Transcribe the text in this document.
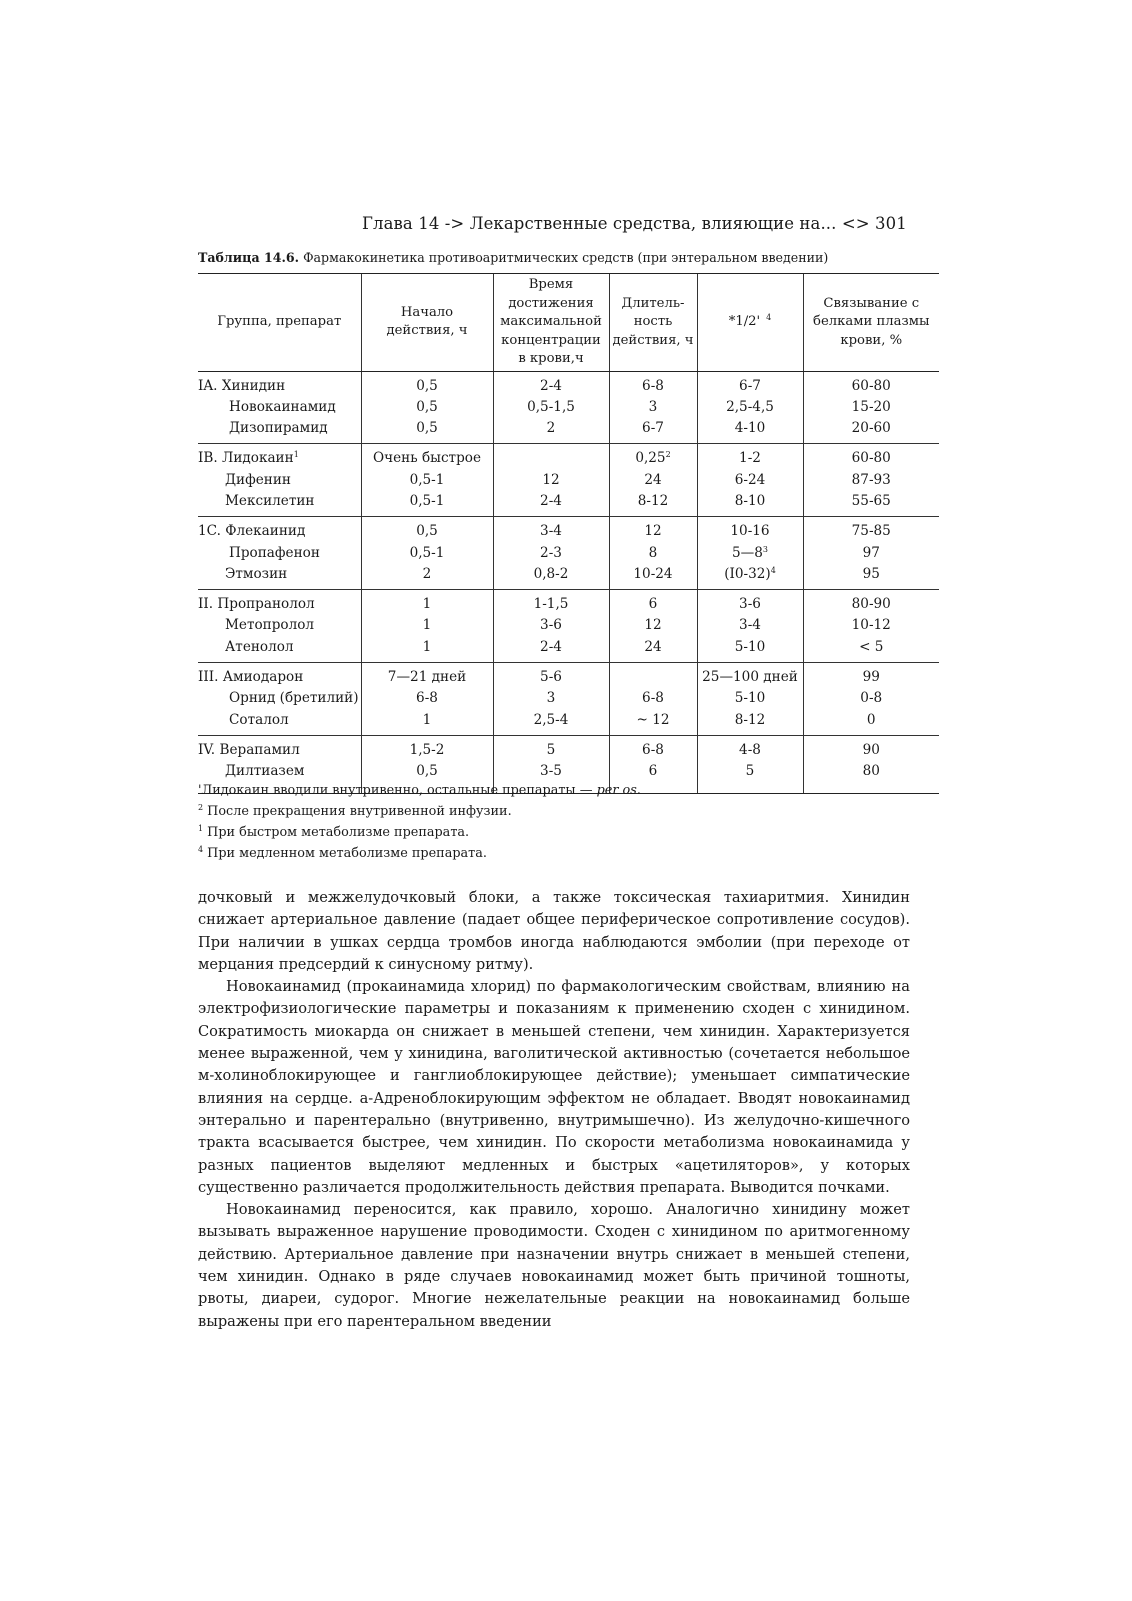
Глава 14 -> Лекарственные средства, влияющие на... <> 301
Таблица 14.6. Фармакокинетика противоаритмических средств (при энтеральном введении)
Группа, препарат	Начало действия, ч	Время достижения максимальной концентрации в крови,ч	Длитель-ность действия, ч	*1/2' $^4$	Связывание с белками плазмы крови, %
IA. Хинидин	0,5	2-4	6-8	6-7	60-80
Новокаинамид	0,5	0,5-1,5	3	2,5-4,5	15-20
Дизопирамид	0,5	2	6-7	4-10	20-60
IB. Лидокаин$^1$	Очень быстрое		0,25$^2$	1-2	60-80
Дифенин	0,5-1	12	24	6-24	87-93
Мексилетин	0,5-1	2-4	8-12	8-10	55-65
1C. Флекаинид	0,5	3-4	12	10-16	75-85
Пропафенон	0,5-1	2-3	8	$5—8^3$	97
Этмозин	2	0,8-2	10-24	$(I0-32)^4$	95
II. Пропранолол	1	1-1,5	6	3-6	80-90
Метопролол	1	3-6	12	3-4	10-12
Атенолол	1	2-4	24	5-10	< 5
III. Амиодарон	7—21 дней	5-6		25—100 дней	99
Орнид (бретилий)	6-8	3	6-8	5-10	0-8
Соталол	1	2,5-4	~ 12	8-12	0
IV. Верапамил	1,5-2	5	6-8	4-8	90
Дилтиазем	0,5	3-5	6	5	80
'Лидокаин вводили внутривенно, остальные препараты — per os.
$^2$ После прекращения внутривенной инфузии.
$^1$ При быстром метаболизме препарата.
$^4$ При медленном метаболизме препарата.

дочковый и межжелудочковый блоки, а также токсическая тахиаритмия. Хинидин снижает артериальное давление (падает общее периферическое сопротивление сосудов). При наличии в ушках сердца тромбов иногда наблюдаются эмболии (при переходе от мерцания предсердий к синусному ритму).

Новокаинамид (прокаинамида хлорид) по фармакологическим свойствам, влиянию на электрофизиологические параметры и показаниям к применению сходен с хинидином. Сократимость миокарда он снижает в меньшей степени, чем хинидин. Характеризуется менее выраженной, чем у хинидина, ваголитической активностью (сочетается небольшое м-холиноблокирующее и ганглиоблокирующее действие); уменьшает симпатические влияния на сердце. а-Адреноблокирующим эффектом не обладает. Вводят новокаинамид энтерально и парентерально (внутривенно, внутримышечно). Из желудочно-кишечного тракта всасывается быстрее, чем хинидин. По скорости метаболизма новокаинамида у разных пациентов выделяют медленных и быстрых «ацетиляторов», у которых существенно различается продолжительность действия препарата. Выводится почками.

Новокаинамид переносится, как правило, хорошо. Аналогично хинидину может вызывать выраженное нарушение проводимости. Сходен с хинидином по аритмогенному действию. Артериальное давление при назначении внутрь снижает в меньшей степени, чем хинидин. Однако в ряде случаев новокаинамид может быть причиной тошноты, рвоты, диареи, судорог. Многие нежелательные реакции на новокаинамид больше выражены при его парентеральном введении
